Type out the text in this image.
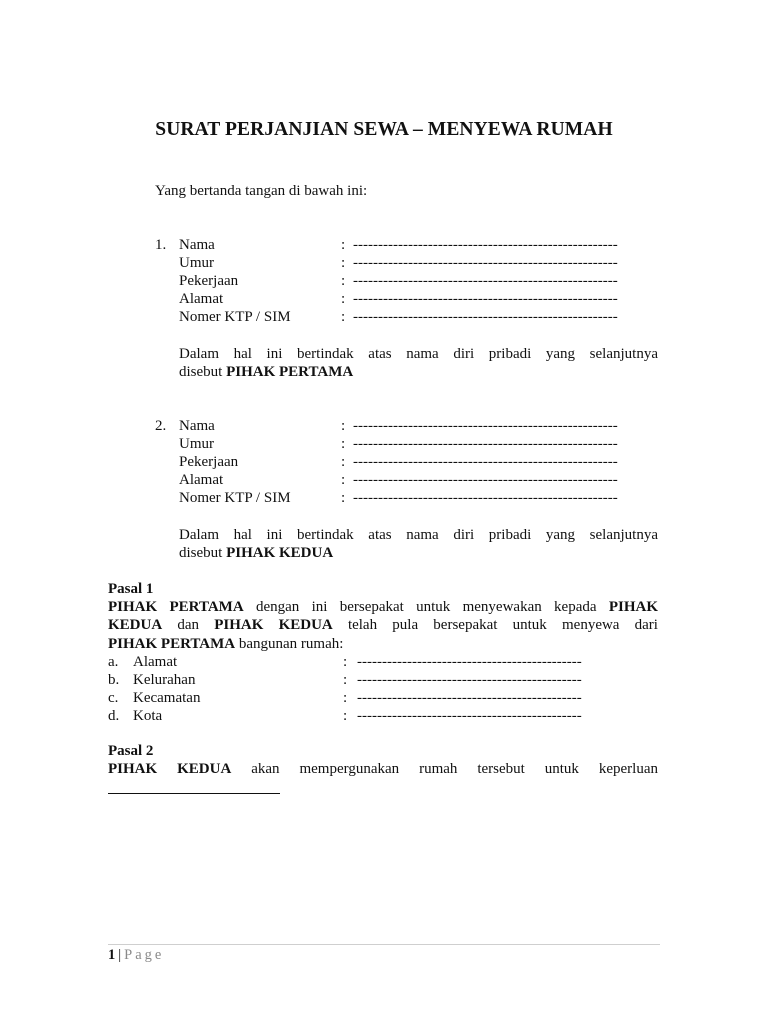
SURAT PERJANJIAN SEWA – MENYEWA RUMAH
Yang bertanda tangan di bawah ini:
1. Nama	: -----------------------------------------------------
Umur	: -----------------------------------------------------
Pekerjaan	: -----------------------------------------------------
Alamat	: -----------------------------------------------------
Nomer KTP / SIM	: -----------------------------------------------------
Dalam hal ini bertindak atas nama diri pribadi yang selanjutnya
disebut PIHAK PERTAMA
2. Nama	: -----------------------------------------------------
Umur	: -----------------------------------------------------
Pekerjaan	: -----------------------------------------------------
Alamat	: -----------------------------------------------------
Nomer KTP / SIM	: -----------------------------------------------------
Dalam hal ini bertindak atas nama diri pribadi yang selanjutnya
disebut PIHAK KEDUA
Pasal 1
PIHAK PERTAMA dengan ini bersepakat untuk menyewakan kepada PIHAK
KEDUA dan PIHAK KEDUA telah pula bersepakat untuk menyewa dari
PIHAK PERTAMA bangunan rumah:
a. Alamat	: ---------------------------------------------
b. Kelurahan	: ---------------------------------------------
c. Kecamatan	: ---------------------------------------------
d. Kota	: ---------------------------------------------
Pasal 2
PIHAK KEDUA akan mempergunakan rumah tersebut untuk keperluan
1 | Page
